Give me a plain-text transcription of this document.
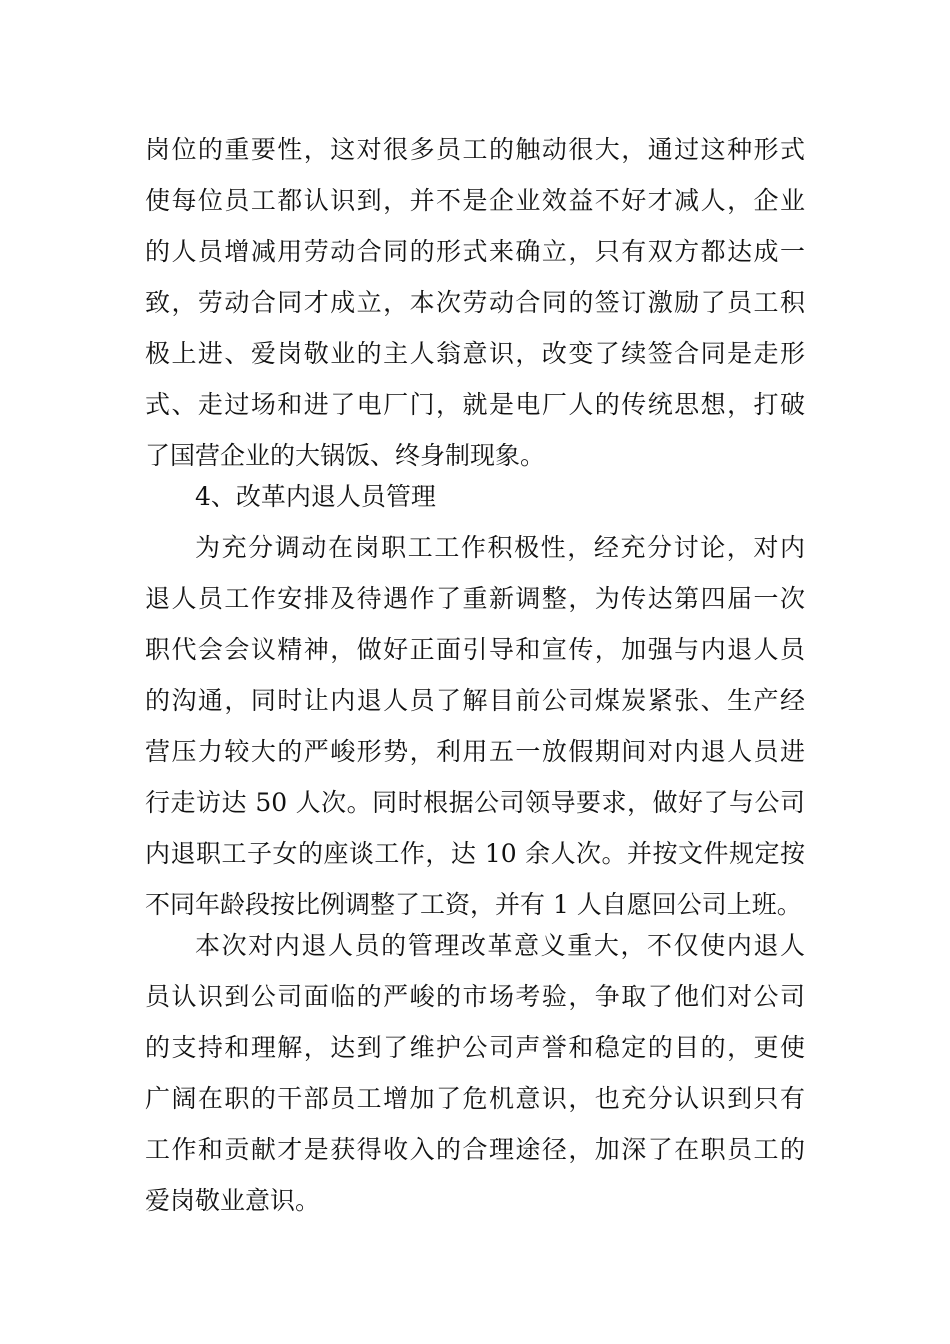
岗位的重要性，这对很多员工的触动很大，通过这种形式
使每位员工都认识到，并不是企业效益不好才减人，企业
的人员增减用劳动合同的形式来确立，只有双方都达成一
致，劳动合同才成立，本次劳动合同的签订激励了员工积
极上进、爱岗敬业的主人翁意识，改变了续签合同是走形
式、走过场和进了电厂门，就是电厂人的传统思想，打破
了国营企业的大锅饭、终身制现象。
4、改革内退人员管理
为充分调动在岗职工工作积极性，经充分讨论，对内
退人员工作安排及待遇作了重新调整，为传达第四届一次
职代会会议精神，做好正面引导和宣传，加强与内退人员
的沟通，同时让内退人员了解目前公司煤炭紧张、生产经
营压力较大的严峻形势，利用五一放假期间对内退人员进
行走访达 50 人次。同时根据公司领导要求，做好了与公司
内退职工子女的座谈工作，达 10 余人次。并按文件规定按
不同年龄段按比例调整了工资，并有 1 人自愿回公司上班。
本次对内退人员的管理改革意义重大，不仅使内退人
员认识到公司面临的严峻的市场考验，争取了他们对公司
的支持和理解，达到了维护公司声誉和稳定的目的，更使
广阔在职的干部员工增加了危机意识，也充分认识到只有
工作和贡献才是获得收入的合理途径，加深了在职员工的
爱岗敬业意识。
